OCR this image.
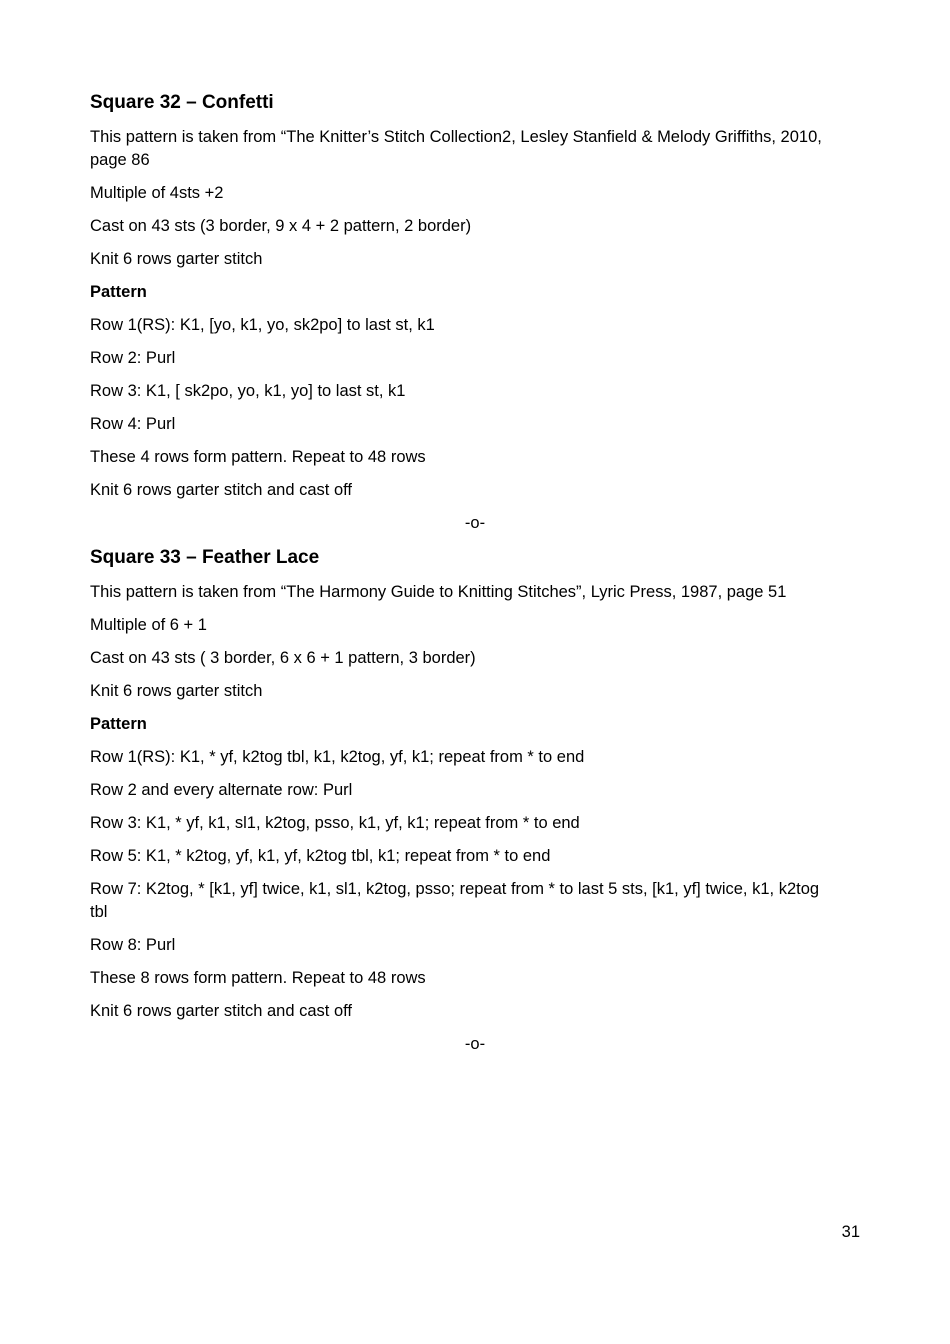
Square 32 – Confetti

This pattern is taken from “The Knitter’s Stitch Collection2, Lesley Stanfield & Melody Griffiths, 2010, page 86

Multiple of 4sts +2

Cast on 43 sts (3 border, 9 x 4 + 2 pattern, 2 border)

Knit 6 rows garter stitch

Pattern

Row 1(RS): K1, [yo, k1, yo, sk2po] to last st, k1

Row 2: Purl

Row 3: K1, [ sk2po, yo, k1, yo] to last st, k1

Row 4: Purl

These 4 rows form pattern. Repeat to 48 rows

Knit 6 rows garter stitch and cast off

-o-
Square 33 – Feather Lace

This pattern is taken from “The Harmony Guide to Knitting Stitches”, Lyric Press, 1987, page 51

Multiple of 6 + 1

Cast on 43 sts ( 3 border, 6 x 6 + 1 pattern, 3 border)

Knit 6 rows garter stitch

Pattern

Row 1(RS): K1, * yf, k2tog tbl, k1, k2tog, yf, k1; repeat from * to end

Row 2 and every alternate row: Purl

Row 3: K1, * yf, k1, sl1, k2tog, psso, k1, yf, k1; repeat from * to end

Row 5: K1, * k2tog, yf, k1, yf, k2tog tbl, k1; repeat from * to end

Row 7: K2tog, * [k1, yf] twice, k1, sl1, k2tog, psso; repeat from * to last 5 sts, [k1, yf] twice, k1, k2tog tbl

Row 8: Purl

These 8 rows form pattern. Repeat to 48 rows

Knit 6 rows garter stitch and cast off

-o-
31
